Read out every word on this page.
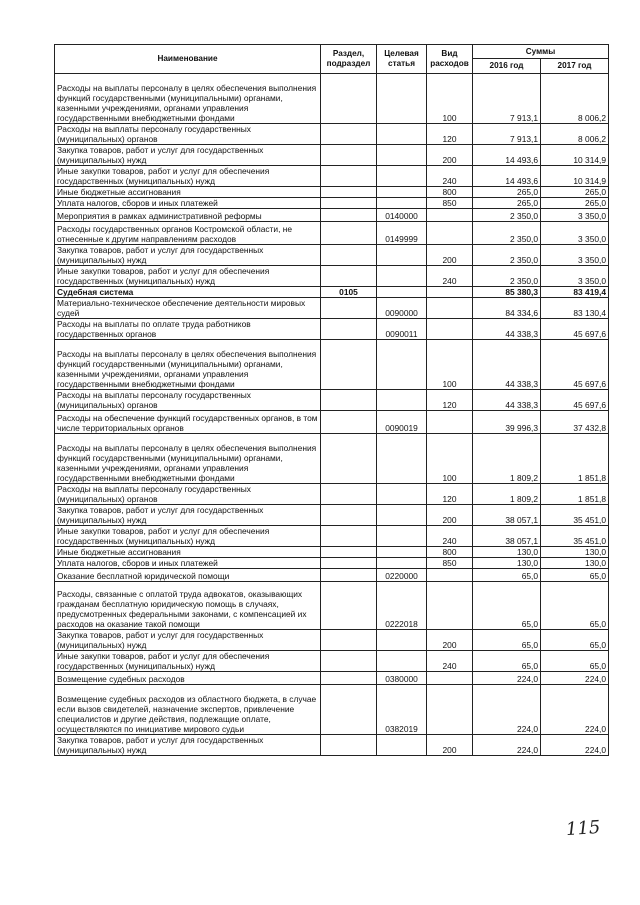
Наименование	Раздел, подраздел	Целевая статья	Вид расходов	Суммы	
				2016 год	2017 год
Расходы на выплаты персоналу в целях обеспечения выполнения функций государственными (муниципальными) органами, казенными учреждениями, органами управления государственными внебюджетными фондами			100	7 913,1	8 006,2
Расходы на выплаты персоналу государственных (муниципальных) органов			120	7 913,1	8 006,2
Закупка товаров, работ и услуг для государственных (муниципальных) нужд			200	14 493,6	10 314,9
Иные закупки товаров, работ и услуг для обеспечения государственных (муниципальных) нужд			240	14 493,6	10 314,9
Иные бюджетные ассигнования			800	265,0	265,0
Уплата налогов, сборов и иных платежей			850	265,0	265,0
Мероприятия в рамках административной реформы		0140000		2 350,0	3 350,0
Расходы государственных органов Костромской области, не отнесенные к другим направлениям расходов		0149999		2 350,0	3 350,0
Закупка товаров, работ и услуг для государственных (муниципальных) нужд			200	2 350,0	3 350,0
Иные закупки товаров, работ и услуг для обеспечения государственных (муниципальных) нужд			240	2 350,0	3 350,0
Судебная система	0105			85 380,3	83 419,4
Материально-техническое обеспечение деятельности мировых судей		0090000		84 334,6	83 130,4
Расходы на выплаты по оплате труда работников государственных органов		0090011		44 338,3	45 697,6
Расходы на выплаты персоналу в целях обеспечения выполнения функций государственными (муниципальными) органами, казенными учреждениями, органами управления государственными внебюджетными фондами			100	44 338,3	45 697,6
Расходы на выплаты персоналу государственных (муниципальных) органов			120	44 338,3	45 697,6
Расходы на обеспечение функций государственных органов, в том числе территориальных органов		0090019		39 996,3	37 432,8
Расходы на выплаты персоналу в целях обеспечения выполнения функций государственными (муниципальными) органами, казенными учреждениями, органами управления государственными внебюджетными фондами			100	1 809,2	1 851,8
Расходы на выплаты персоналу государственных (муниципальных) органов			120	1 809,2	1 851,8
Закупка товаров, работ и услуг для государственных (муниципальных) нужд			200	38 057,1	35 451,0
Иные закупки товаров, работ и услуг для обеспечения государственных (муниципальных) нужд			240	38 057,1	35 451,0
Иные бюджетные ассигнования			800	130,0	130,0
Уплата налогов, сборов и иных платежей			850	130,0	130,0
Оказание бесплатной юридической помощи		0220000		65,0	65,0
Расходы, связанные с оплатой труда адвокатов, оказывающих гражданам бесплатную юридическую помощь в случаях, предусмотренных федеральными законами, с компенсацией их расходов на оказание такой помощи		0222018		65,0	65,0
Закупка товаров, работ и услуг для государственных (муниципальных) нужд			200	65,0	65,0
Иные закупки товаров, работ и услуг для обеспечения государственных (муниципальных) нужд			240	65,0	65,0
Возмещение судебных расходов		0380000		224,0	224,0
Возмещение судебных расходов из областного бюджета, в случае если вызов свидетелей, назначение экспертов, привлечение специалистов и другие действия, подлежащие оплате, осуществляются по инициативе мирового судьи		0382019		224,0	224,0
Закупка товаров, работ и услуг для государственных (муниципальных) нужд			200	224,0	224,0
115
